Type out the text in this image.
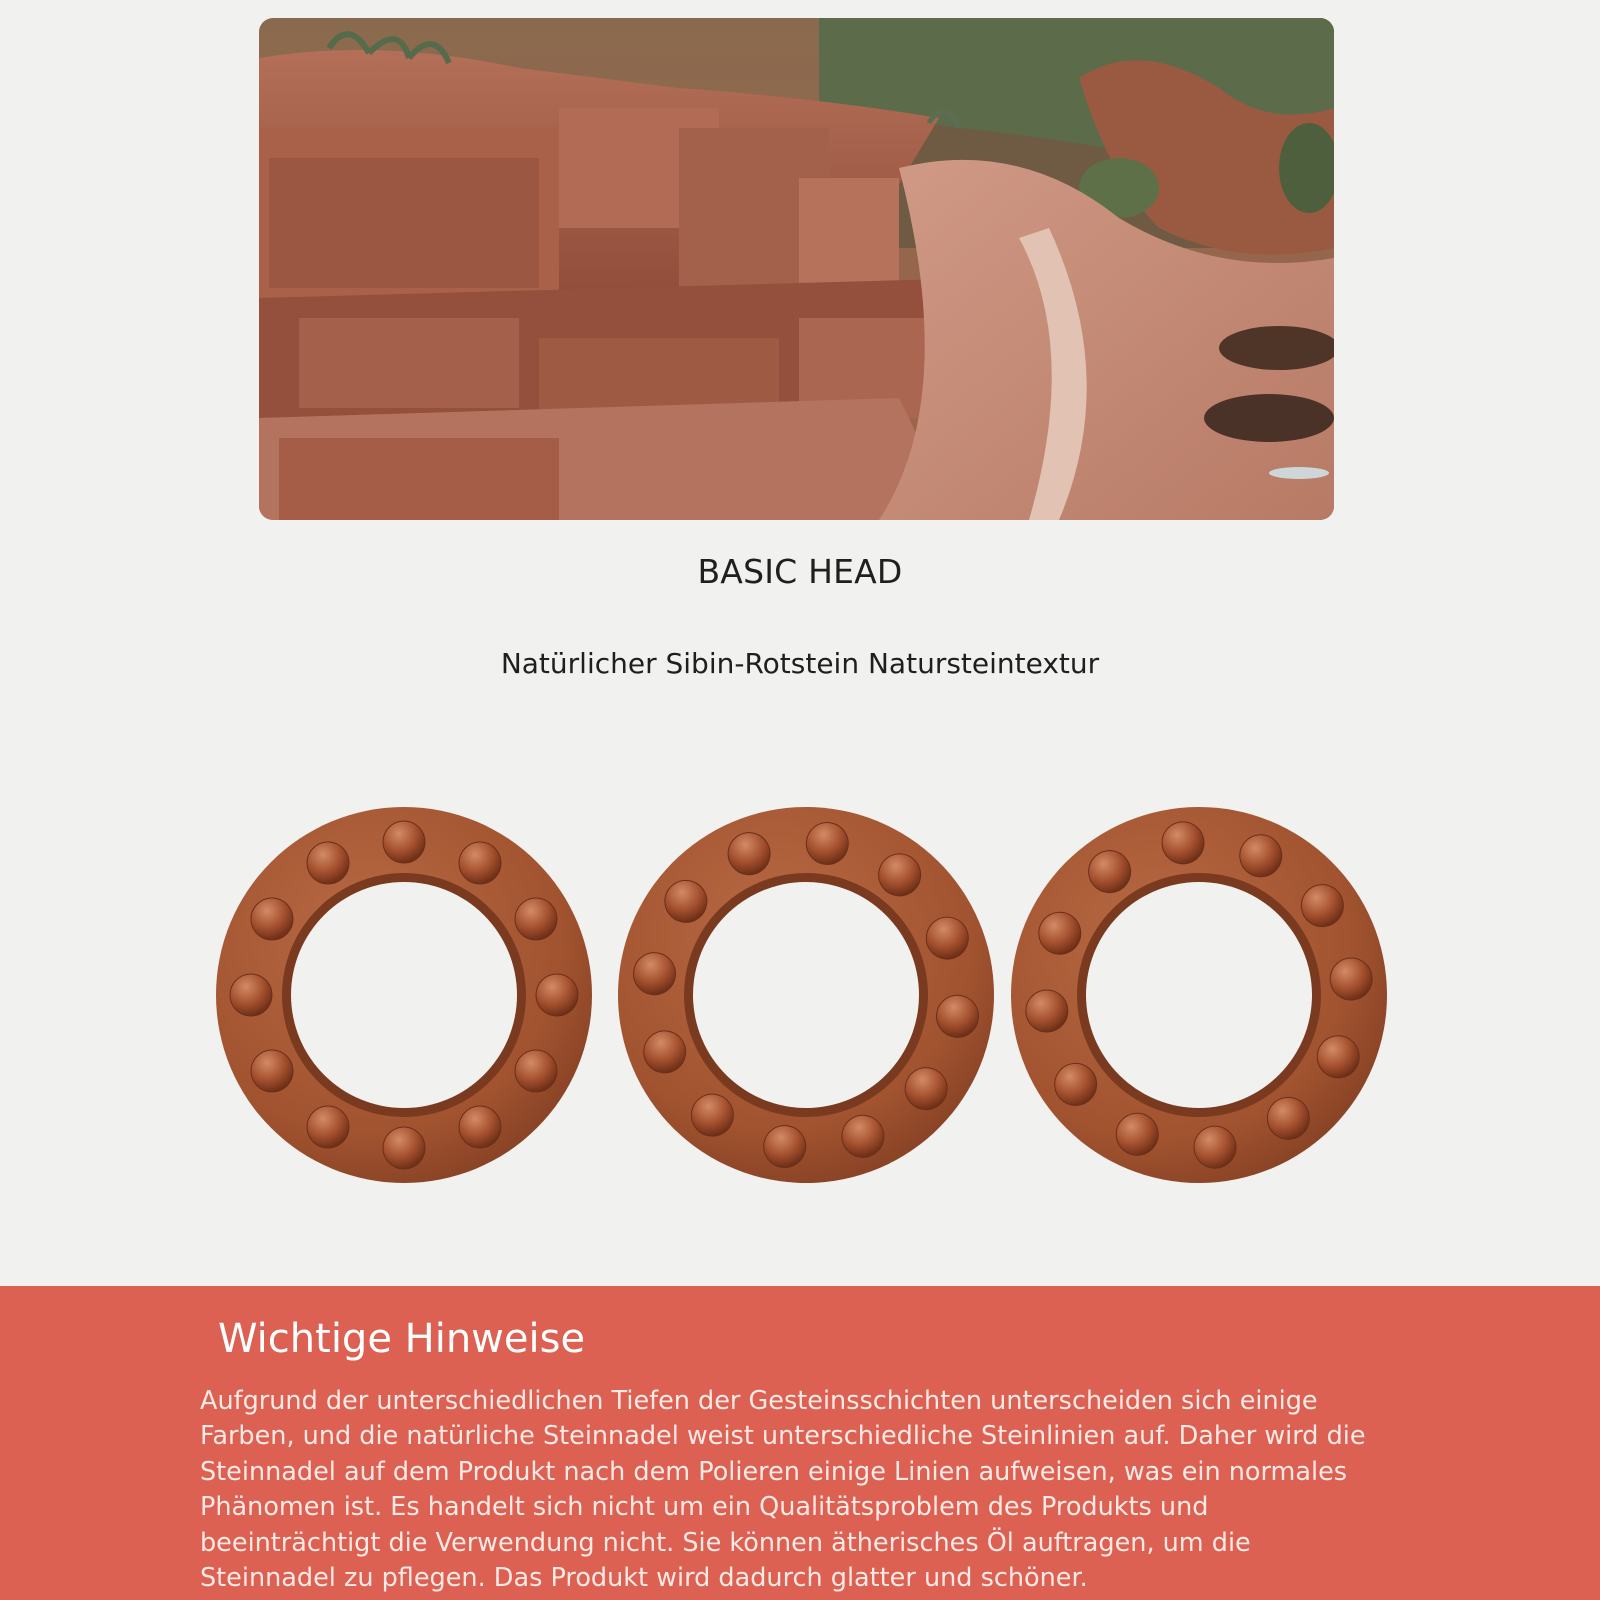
BASIC HEAD
Natürlicher Sibin-Rotstein Natursteintextur
Wichtige Hinweise
Aufgrund der unterschiedlichen Tiefen der Gesteinsschichten unterscheiden sich einige Farben, und die natürliche Steinnadel weist unterschiedliche Steinlinien auf. Daher wird die Steinnadel auf dem Produkt nach dem Polieren einige Linien aufweisen, was ein normales Phänomen ist. Es handelt sich nicht um ein Qualitätsproblem des Produkts und beeinträchtigt die Verwendung nicht. Sie können ätherisches Öl auftragen, um die Steinnadel zu pflegen. Das Produkt wird dadurch glatter und schöner.
